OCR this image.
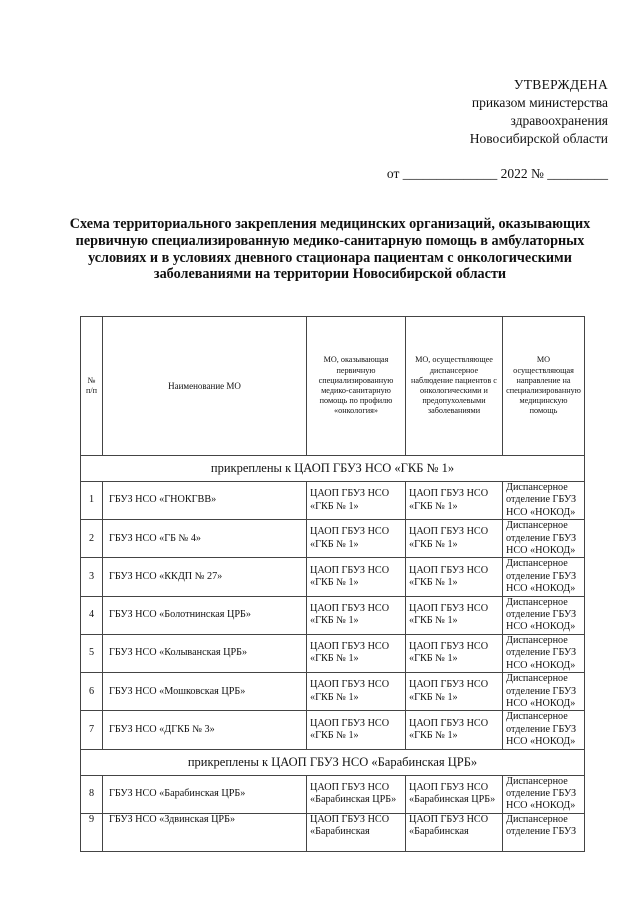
УТВЕРЖДЕНА
приказом министерства
здравоохранения
Новосибирской области
от ______________ 2022 № _________
Схема территориального закрепления медицинских организаций, оказывающих первичную специализированную медико-санитарную помощь в амбулаторных условиях и в условиях дневного стационара пациентам с онкологическими заболеваниями на территории Новосибирской области
№ п/п	Наименование МО	МО, оказывающая первичную специализированную медико-санитарную помощь по профилю «онкология»	МО, осуществляющее диспансерное наблюдение пациентов с онкологическими и предопухолевыми заболеваниями	МО осуществляющая направление на специализированную медицинскую помощь
прикреплены к ЦАОП ГБУЗ НСО «ГКБ № 1»				

1	ГБУЗ НСО «ГНОКГВВ»	ЦАОП ГБУЗ НСО «ГКБ № 1»	ЦАОП ГБУЗ НСО «ГКБ № 1»	Диспансерное отделение ГБУЗ НСО «НОКОД»

2	ГБУЗ НСО «ГБ № 4»	ЦАОП ГБУЗ НСО «ГКБ № 1»	ЦАОП ГБУЗ НСО «ГКБ № 1»	Диспансерное отделение ГБУЗ НСО «НОКОД»

3	ГБУЗ НСО «ККДП № 27»	ЦАОП ГБУЗ НСО «ГКБ № 1»	ЦАОП ГБУЗ НСО «ГКБ № 1»	Диспансерное отделение ГБУЗ НСО «НОКОД»

4	ГБУЗ НСО «Болотнинская ЦРБ»	ЦАОП ГБУЗ НСО «ГКБ № 1»	ЦАОП ГБУЗ НСО «ГКБ № 1»	Диспансерное отделение ГБУЗ НСО «НОКОД»

5	ГБУЗ НСО «Колыванская ЦРБ»	ЦАОП ГБУЗ НСО «ГКБ № 1»	ЦАОП ГБУЗ НСО «ГКБ № 1»	Диспансерное отделение ГБУЗ НСО «НОКОД»

6	ГБУЗ НСО «Мошковская ЦРБ»	ЦАОП ГБУЗ НСО «ГКБ № 1»	ЦАОП ГБУЗ НСО «ГКБ № 1»	Диспансерное отделение ГБУЗ НСО «НОКОД»

7	ГБУЗ НСО «ДГКБ № 3»	ЦАОП ГБУЗ НСО «ГКБ № 1»	ЦАОП ГБУЗ НСО «ГКБ № 1»	Диспансерное отделение ГБУЗ НСО «НОКОД»

прикреплены к ЦАОП ГБУЗ НСО «Барабинская ЦРБ»				

8	ГБУЗ НСО «Барабинская ЦРБ»	ЦАОП ГБУЗ НСО «Барабинская ЦРБ»	ЦАОП ГБУЗ НСО «Барабинская ЦРБ»	Диспансерное отделение ГБУЗ НСО «НОКОД»

9	ГБУЗ НСО «Здвинская ЦРБ»	ЦАОП ГБУЗ НСО «Барабинская	ЦАОП ГБУЗ НСО «Барабинская	Диспансерное отделение ГБУЗ
